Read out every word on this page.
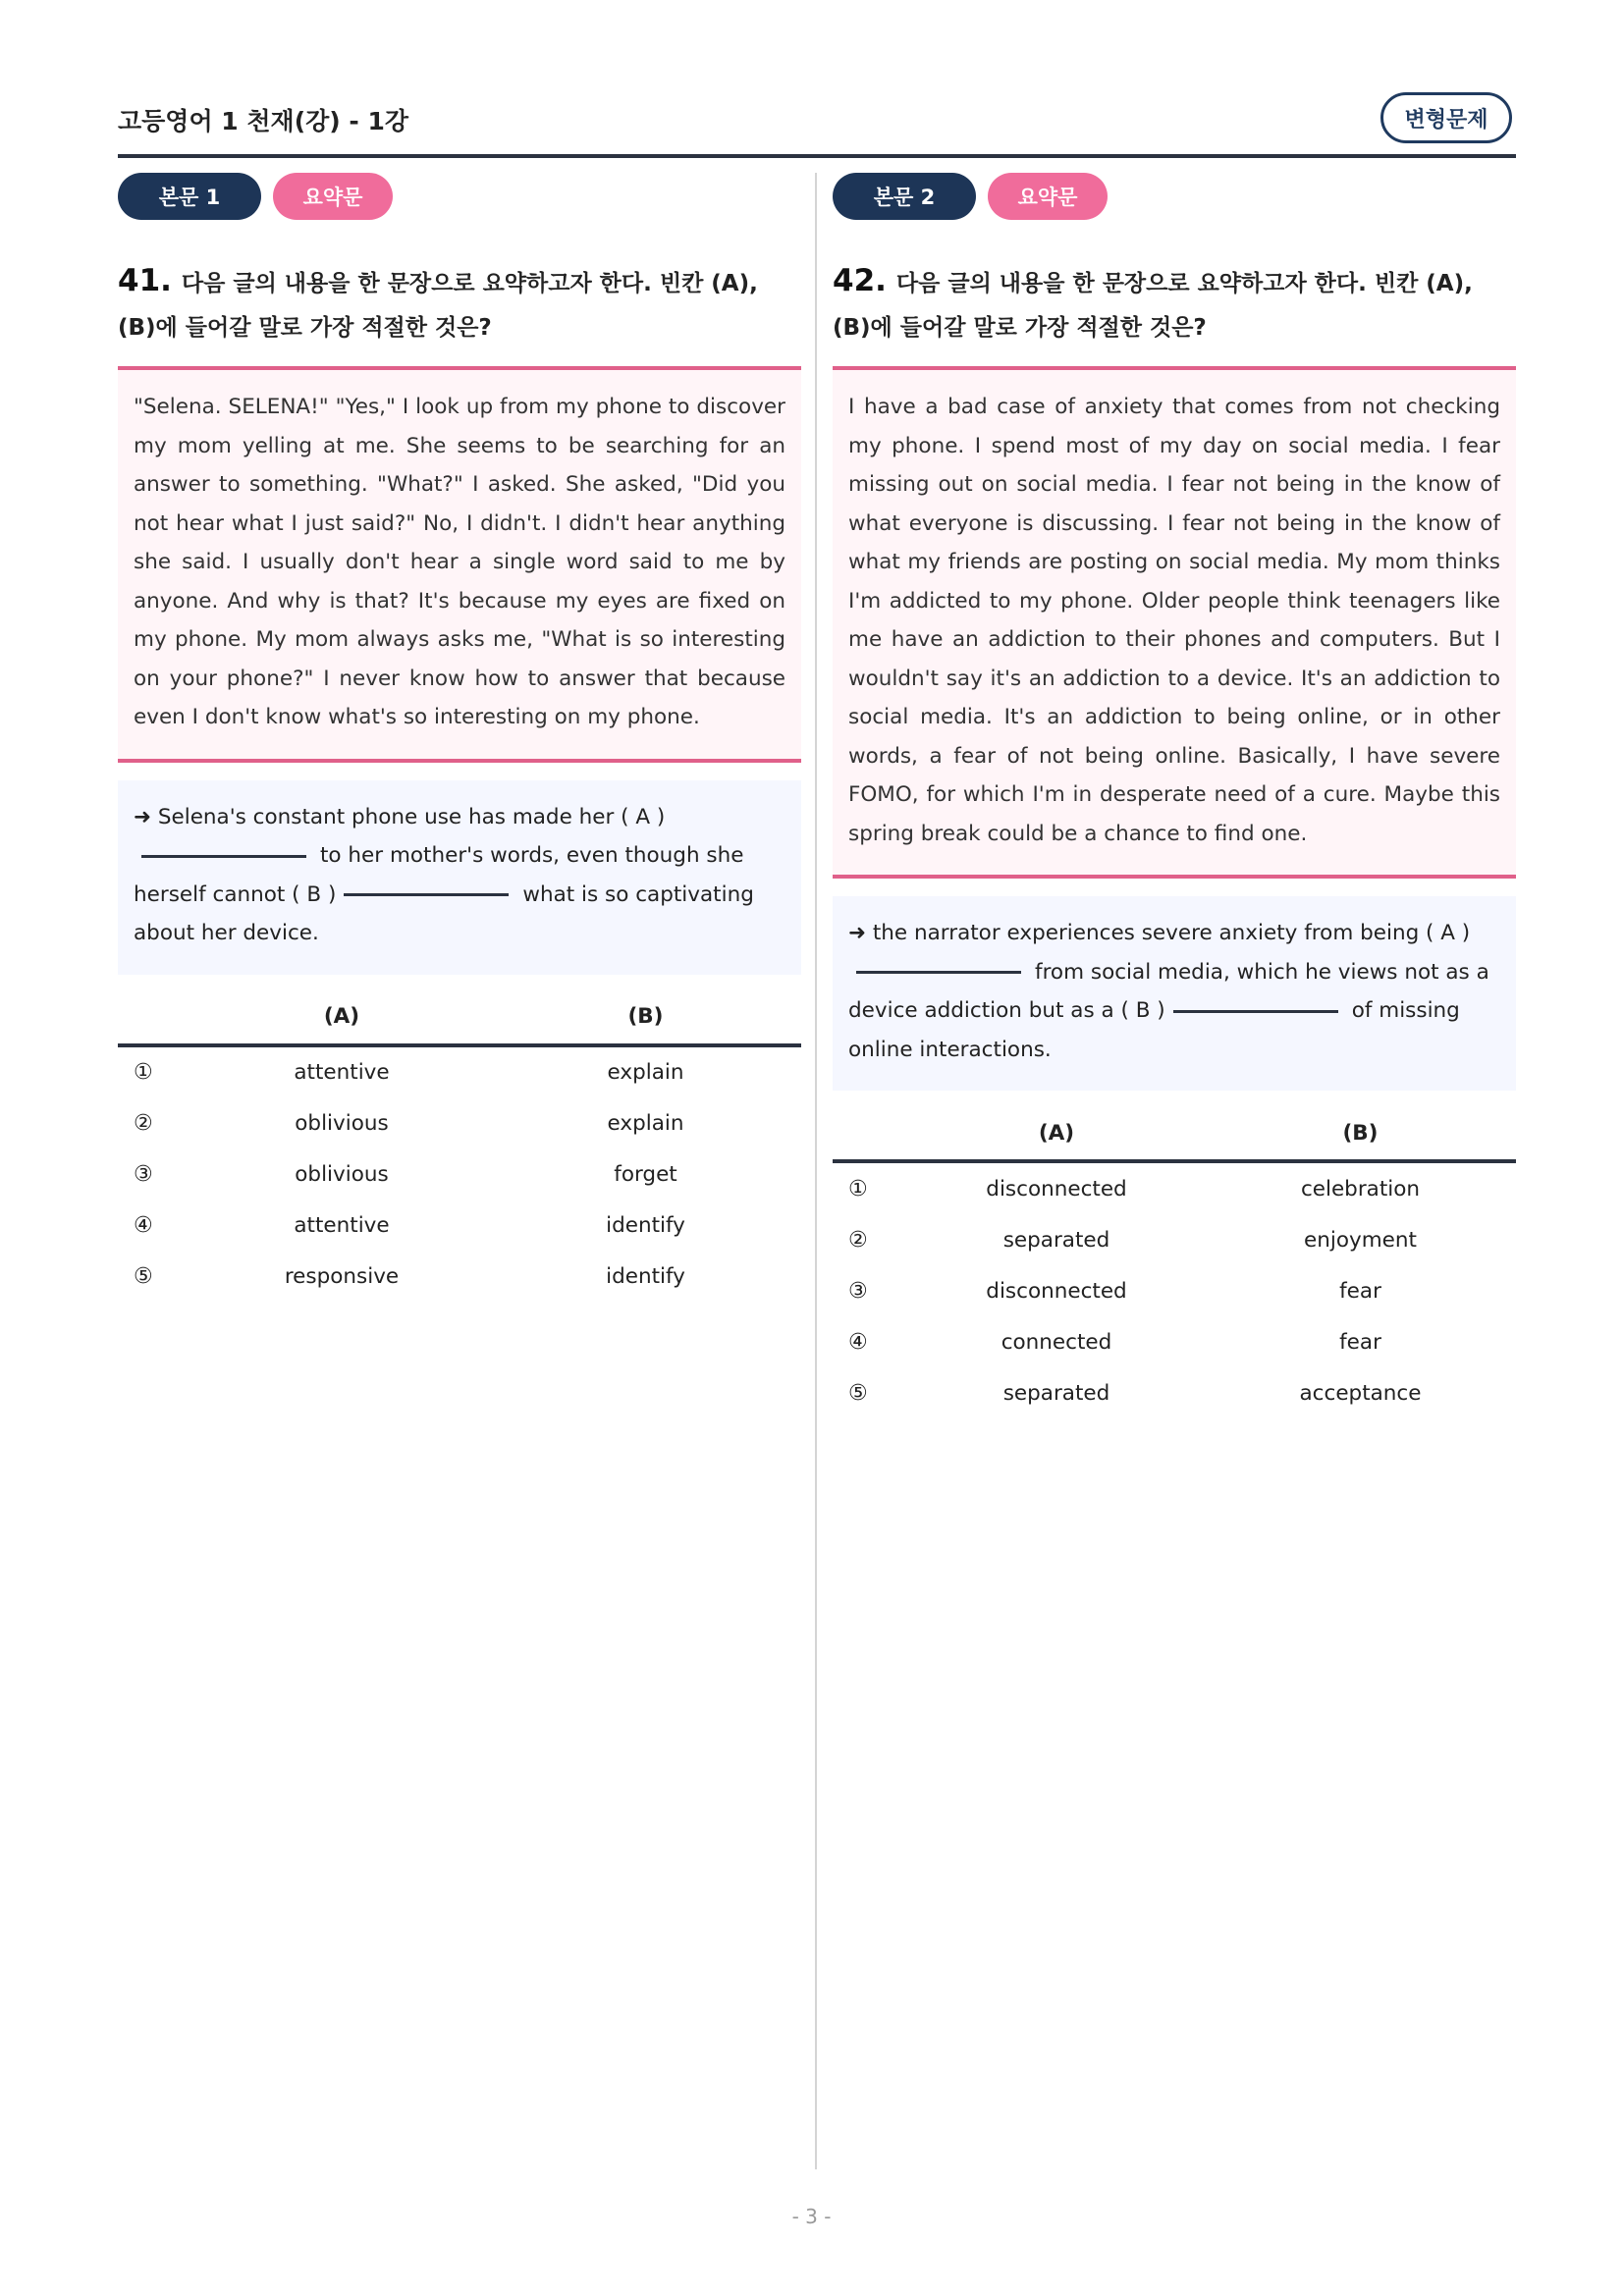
고등영어 1 천재(강) - 1강	변형문제
본문 1	요약문
41. 다음 글의 내용을 한 문장으로 요약하고자 한다. 빈칸 (A), (B)에 들어갈 말로 가장 적절한 것은?
"Selena. SELENA!" "Yes," I look up from my phone to discover my mom yelling at me. She seems to be searching for an answer to something. "What?" I asked. She asked, "Did you not hear what I just said?" No, I didn't. I didn't hear anything she said. I usually don't hear a single word said to me by anyone. And why is that? It's because my eyes are fixed on my phone. My mom always asks me, "What is so interesting on your phone?" I never know how to answer that because even I don't know what's so interesting on my phone.
➜ Selena's constant phone use has made her ( A )
to her mother's words, even though she herself cannot ( B )	what is so captivating about her device.
	(A)	(B)
①	attentive	explain
②	oblivious	explain
③	oblivious	forget
④	attentive	identify
⑤	responsive	identify
본문 2	요약문
42. 다음 글의 내용을 한 문장으로 요약하고자 한다. 빈칸 (A), (B)에 들어갈 말로 가장 적절한 것은?
I have a bad case of anxiety that comes from not checking my phone. I spend most of my day on social media. I fear missing out on social media. I fear not being in the know of what everyone is discussing. I fear not being in the know of what my friends are posting on social media. My mom thinks I'm addicted to my phone. Older people think teenagers like me have an addiction to their phones and computers. But I wouldn't say it's an addiction to a device. It's an addiction to social media. It's an addiction to being online, or in other words, a fear of not being online. Basically, I have severe FOMO, for which I'm in desperate need of a cure. Maybe this spring break could be a chance to find one.
➜ the narrator experiences severe anxiety from being ( A )
from social media, which he views not as a device addiction but as a ( B )	of missing online interactions.
	(A)	(B)
①	disconnected	celebration
②	separated	enjoyment
③	disconnected	fear
④	connected	fear
⑤	separated	acceptance
- 3 -
